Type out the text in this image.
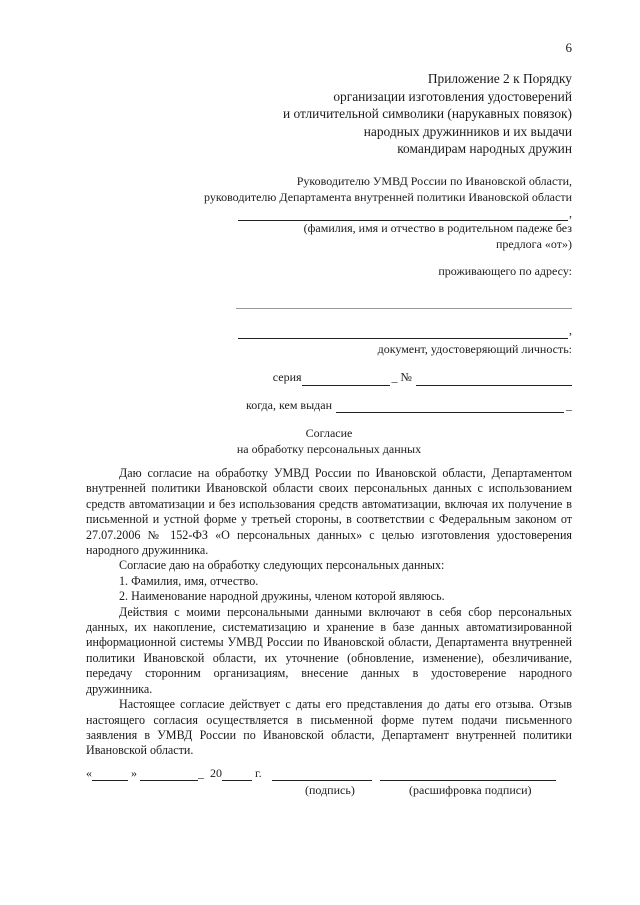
6
Приложение 2 к Порядку
организации изготовления удостоверений
и отличительной символики (нарукавных повязок)
народных дружинников и их выдачи
командирам народных дружин
Руководителю УМВД России по Ивановской области,
руководителю Департамента внутренней политики Ивановской области
,
(фамилия, имя и отчество в родительном падеже без
предлога «от»)
проживающего по адресу:
,
документ, удостоверяющий личность:
серия	_ №
когда, кем выдан	_
Согласие
на обработку персональных данных

Даю согласие на обработку УМВД России по Ивановской области, Департаментом внутренней политики Ивановской области своих персональных данных с использованием средств автоматизации и без использования средств автоматизации, включая их получение в письменной и устной форме у третьей стороны, в соответствии с Федеральным законом от 27.07.2006 № 152-ФЗ «О персональных данных» с целью изготовления удостоверения народного дружинника.

Согласие даю на обработку следующих персональных данных:

1. Фамилия, имя, отчество.

2. Наименование народной дружины, членом которой являюсь.

Действия с моими персональными данными включают в себя сбор персональных данных, их накопление, систематизацию и хранение в базе данных автоматизированной информационной системы УМВД России по Ивановской области, Департамента внутренней политики Ивановской области, их уточнение (обновление, изменение), обезличивание, передачу сторонним организациям, внесение данных в удостоверение народного дружинника.

Настоящее согласие действует с даты его представления до даты его отзыва. Отзыв настоящего согласия осуществляется в письменной форме путем подачи письменного заявления в УМВД России по Ивановской области, Департамент внутренней политики Ивановской области.

«	»	_ 20	г.
(подпись)	(расшифровка подписи)
